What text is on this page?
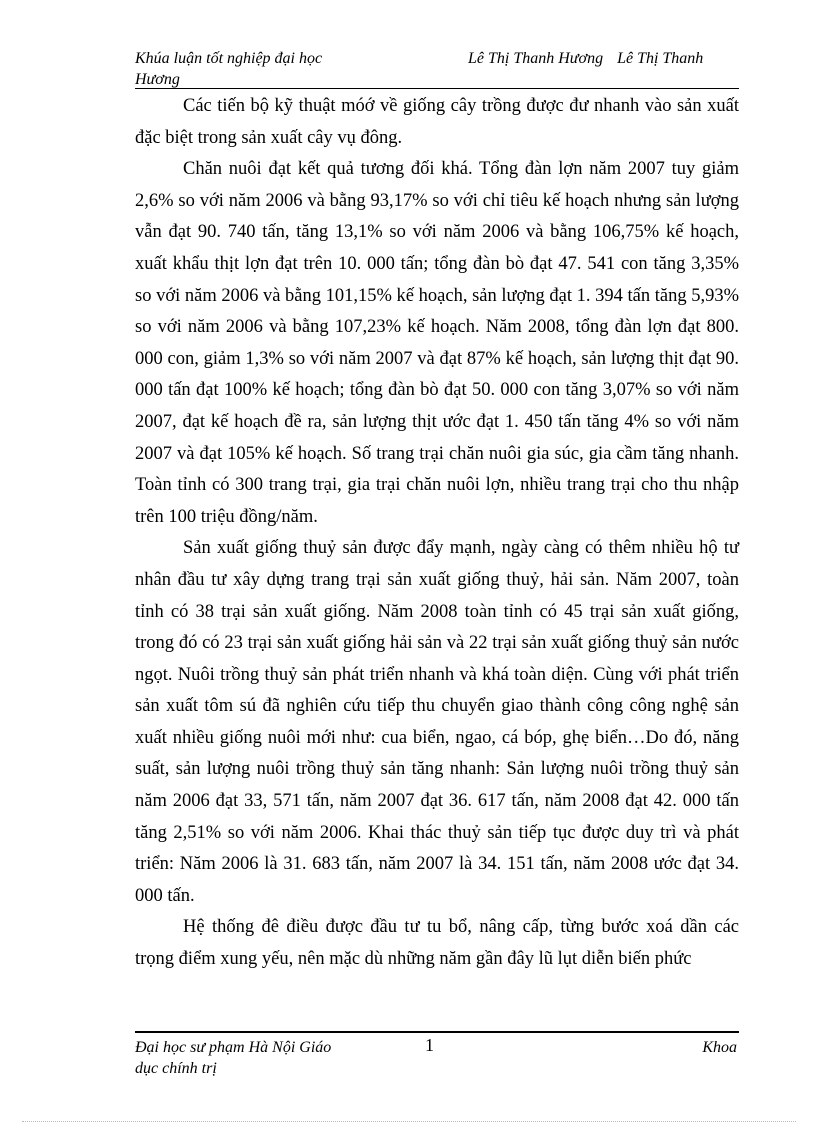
Khúa luận tốt nghiệp đại học Hương
Lê Thị Thanh Hương Lê Thị Thanh

Các tiến bộ kỹ thuật móớ về giống cây trồng được đư nhanh vào sản xuất đặc biệt trong sản xuất cây vụ đông.

Chăn nuôi đạt kết quả tương đối khá. Tổng đàn lợn năm 2007 tuy giảm 2,6% so với năm 2006 và bằng 93,17% so với chỉ tiêu kế hoạch nhưng sản lượng vẫn đạt 90. 740 tấn, tăng 13,1% so với năm 2006 và bằng 106,75% kế hoạch, xuất khẩu thịt lợn đạt trên 10. 000 tấn; tổng đàn bò đạt 47. 541 con tăng 3,35% so với năm 2006 và bằng 101,15% kế hoạch, sản lượng đạt 1. 394 tấn tăng 5,93% so với năm 2006 và bằng 107,23% kế hoạch. Năm 2008, tổng đàn lợn đạt 800. 000 con, giảm 1,3% so với năm 2007 và đạt 87% kế hoạch, sản lượng thịt đạt 90. 000 tấn đạt 100% kế hoạch; tổng đàn bò đạt 50. 000 con tăng 3,07% so với năm 2007, đạt kế hoạch đề ra, sản lượng thịt ước đạt 1. 450 tấn tăng 4% so với năm 2007 và đạt 105% kế hoạch. Số trang trại chăn nuôi gia súc, gia cầm tăng nhanh. Toàn tỉnh có 300 trang trại, gia trại chăn nuôi lợn, nhiều trang trại cho thu nhập trên 100 triệu đồng/năm.

Sản xuất giống thuỷ sản được đẩy mạnh, ngày càng có thêm nhiều hộ tư nhân đầu tư xây dựng trang trại sản xuất giống thuỷ, hải sản. Năm 2007, toàn tỉnh có 38 trại sản xuất giống. Năm 2008 toàn tỉnh có 45 trại sản xuất giống, trong đó có 23 trại sản xuất giống hải sản và 22 trại sản xuất giống thuỷ sản nước ngọt. Nuôi trồng thuỷ sản phát triển nhanh và khá toàn diện. Cùng với phát triển sản xuất tôm sú đã nghiên cứu tiếp thu chuyển giao thành công công nghệ sản xuất nhiều giống nuôi mới như: cua biển, ngao, cá bóp, ghẹ biển…Do đó, năng suất, sản lượng nuôi trồng thuỷ sản tăng nhanh: Sản lượng nuôi trồng thuỷ sản năm 2006 đạt 33, 571 tấn, năm 2007 đạt 36. 617 tấn, năm 2008 đạt 42. 000 tấn tăng 2,51% so với năm 2006. Khai thác thuỷ sản tiếp tục được duy trì và phát triển: Năm 2006 là 31. 683 tấn, năm 2007 là 34. 151 tấn, năm 2008 ước đạt 34. 000 tấn.

Hệ thống đê điều được đầu tư tu bổ, nâng cấp, từng bước xoá dần các trọng điểm xung yếu, nên mặc dù những năm gần đây lũ lụt diễn biến phức

Đại học sư phạm Hà Nội Giáo dục chính trị
1	Khoa
